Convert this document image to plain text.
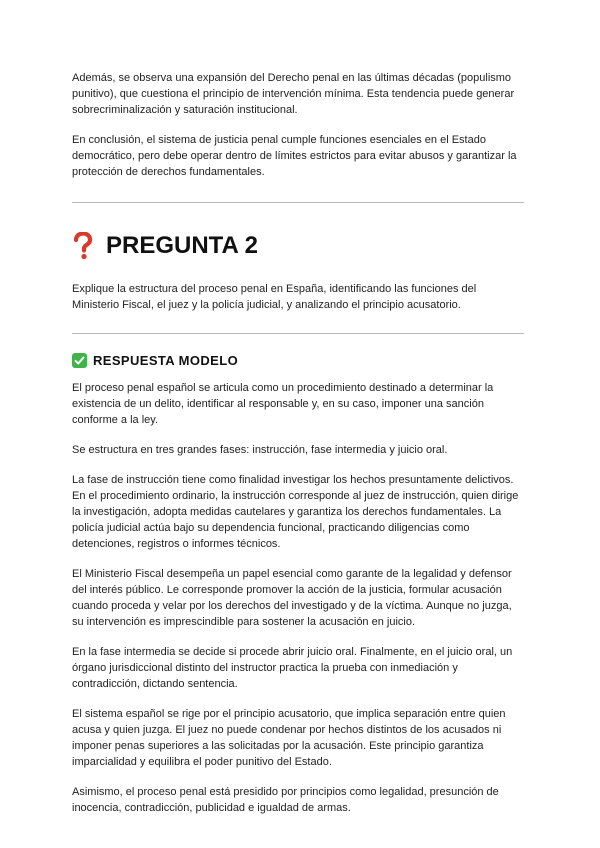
Además, se observa una expansión del Derecho penal en las últimas décadas (populismo punitivo), que cuestiona el principio de intervención mínima. Esta tendencia puede generar sobrecriminalización y saturación institucional.

En conclusión, el sistema de justicia penal cumple funciones esenciales en el Estado democrático, pero debe operar dentro de límites estrictos para evitar abusos y garantizar la protección de derechos fundamentales.

PREGUNTA 2

Explique la estructura del proceso penal en España, identificando las funciones del Ministerio Fiscal, el juez y la policía judicial, y analizando el principio acusatorio.

RESPUESTA MODELO

El proceso penal español se articula como un procedimiento destinado a determinar la existencia de un delito, identificar al responsable y, en su caso, imponer una sanción conforme a la ley.

Se estructura en tres grandes fases: instrucción, fase intermedia y juicio oral.

La fase de instrucción tiene como finalidad investigar los hechos presuntamente delictivos. En el procedimiento ordinario, la instrucción corresponde al juez de instrucción, quien dirige la investigación, adopta medidas cautelares y garantiza los derechos fundamentales. La policía judicial actúa bajo su dependencia funcional, practicando diligencias como detenciones, registros o informes técnicos.

El Ministerio Fiscal desempeña un papel esencial como garante de la legalidad y defensor del interés público. Le corresponde promover la acción de la justicia, formular acusación cuando proceda y velar por los derechos del investigado y de la víctima. Aunque no juzga, su intervención es imprescindible para sostener la acusación en juicio.

En la fase intermedia se decide si procede abrir juicio oral. Finalmente, en el juicio oral, un órgano jurisdiccional distinto del instructor practica la prueba con inmediación y contradicción, dictando sentencia.

El sistema español se rige por el principio acusatorio, que implica separación entre quien acusa y quien juzga. El juez no puede condenar por hechos distintos de los acusados ni imponer penas superiores a las solicitadas por la acusación. Este principio garantiza imparcialidad y equilibra el poder punitivo del Estado.

Asimismo, el proceso penal está presidido por principios como legalidad, presunción de inocencia, contradicción, publicidad e igualdad de armas.
